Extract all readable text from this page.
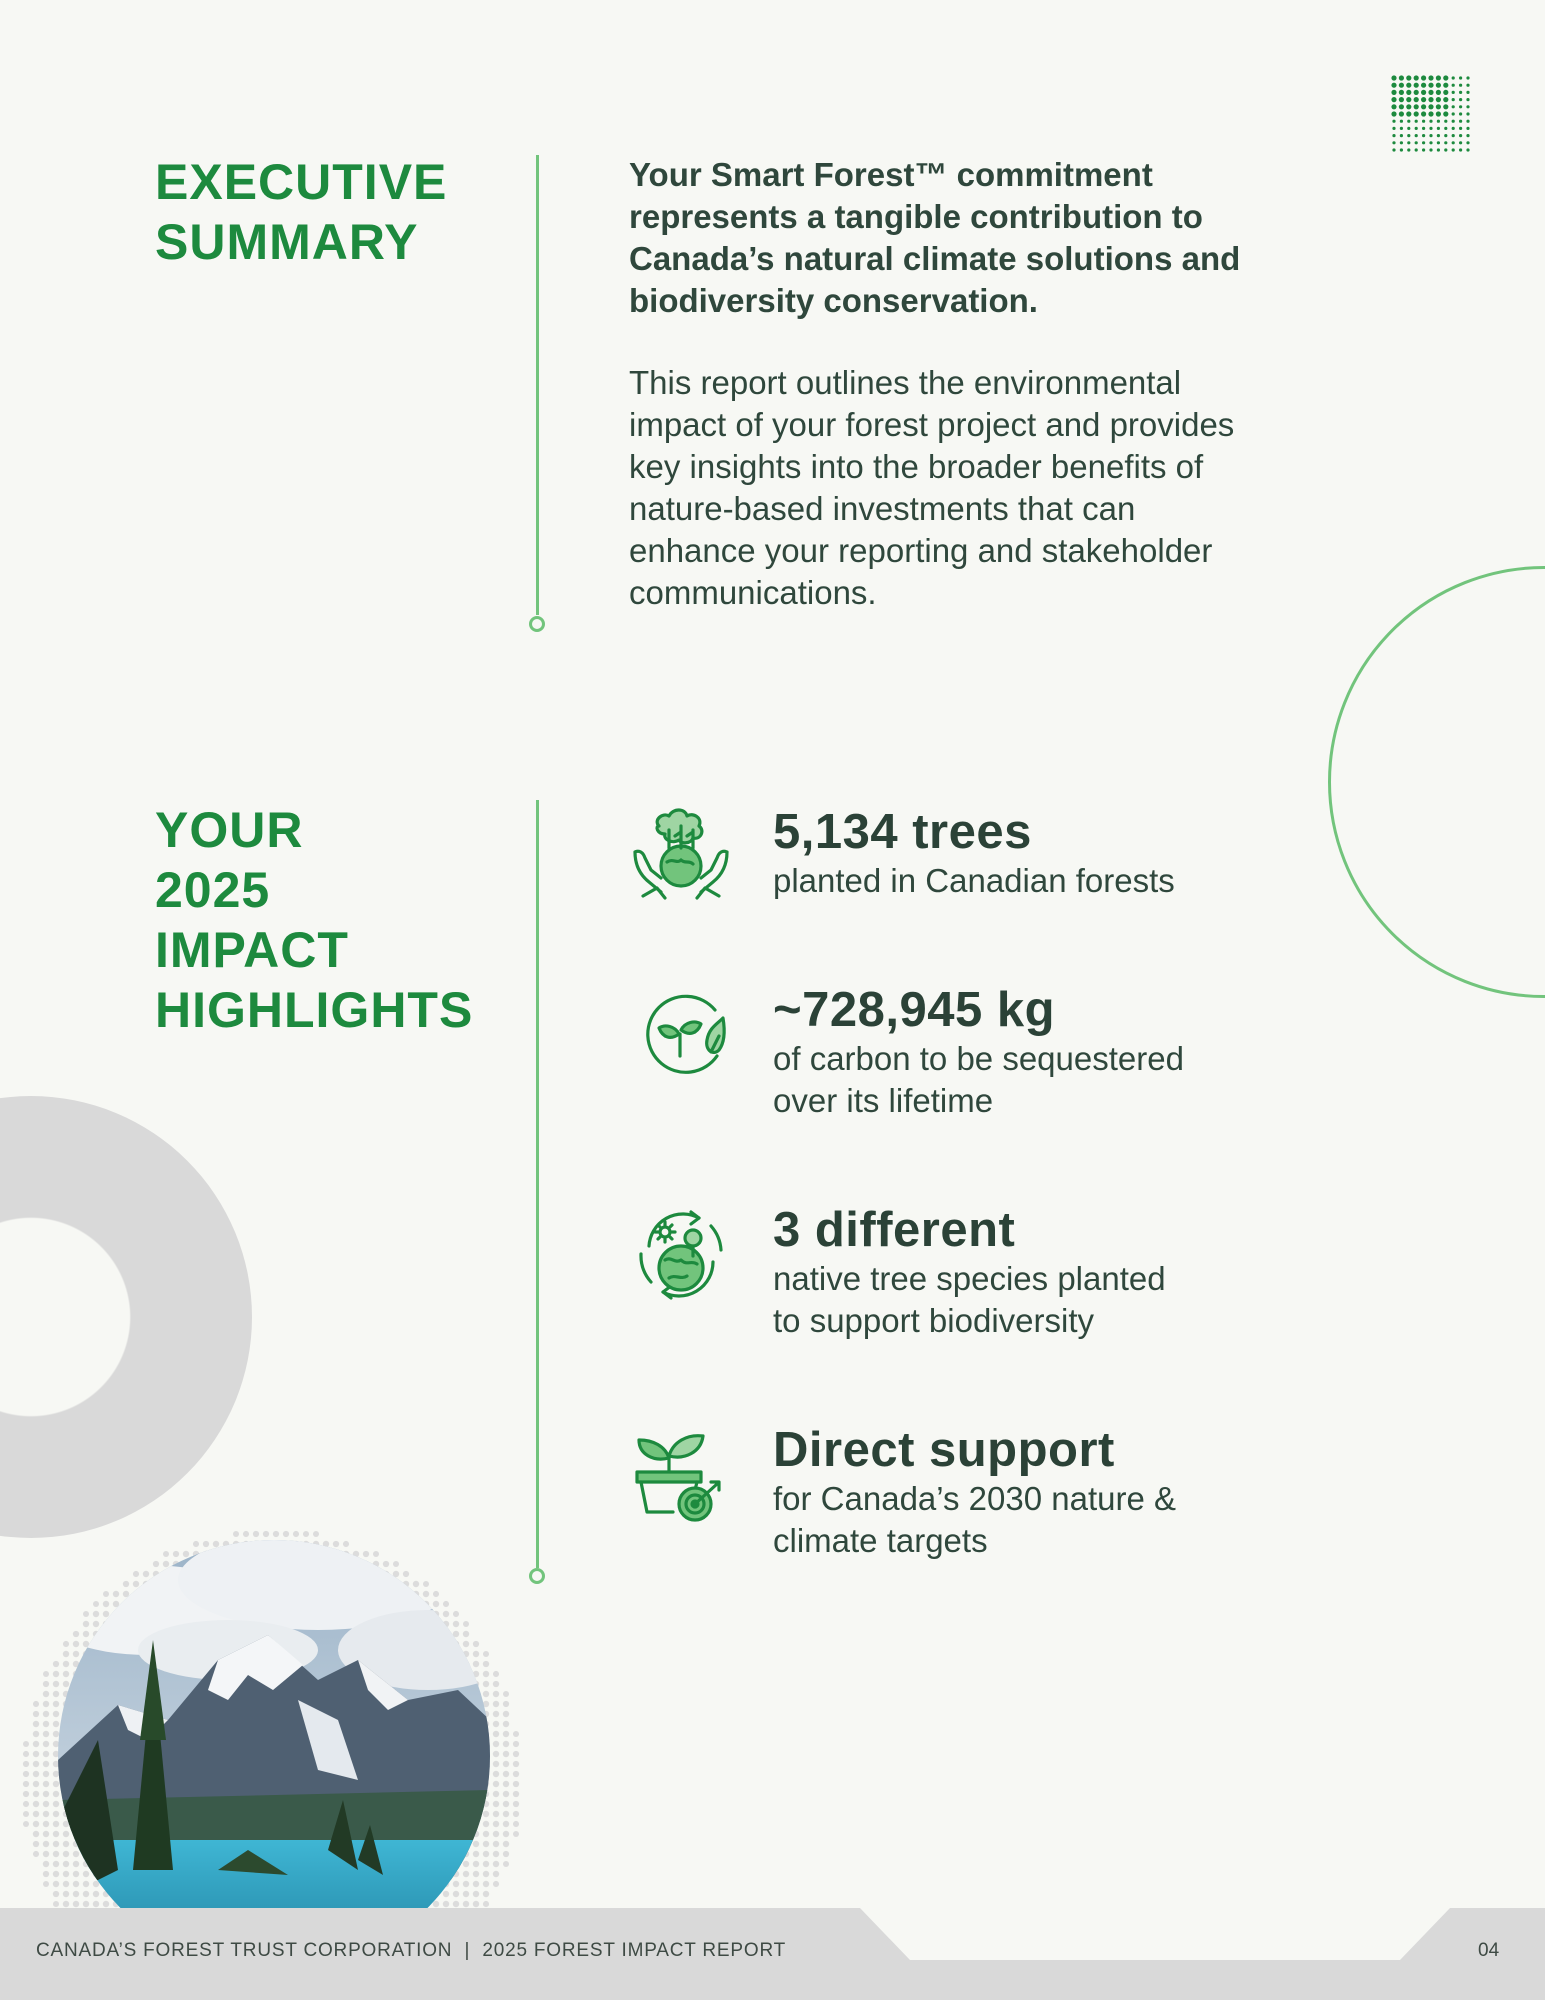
EXECUTIVE
SUMMARY

Your Smart Forest™ commitment
represents a tangible contribution to
Canada’s natural climate solutions and
biodiversity conservation.

This report outlines the environmental
impact of your forest project and provides
key insights into the broader benefits of
nature-based investments that can
enhance your reporting and stakeholder
communications.

YOUR
2025
IMPACT
HIGHLIGHTS

5,134 trees

planted in Canadian forests

~728,945 kg

of carbon to be sequestered
over its lifetime

3 different

native tree species planted
to support biodiversity

Direct support

for Canada’s 2030 nature &
climate targets

CANADA’S FOREST TRUST CORPORATION  |  2025 FOREST IMPACT REPORT	04
